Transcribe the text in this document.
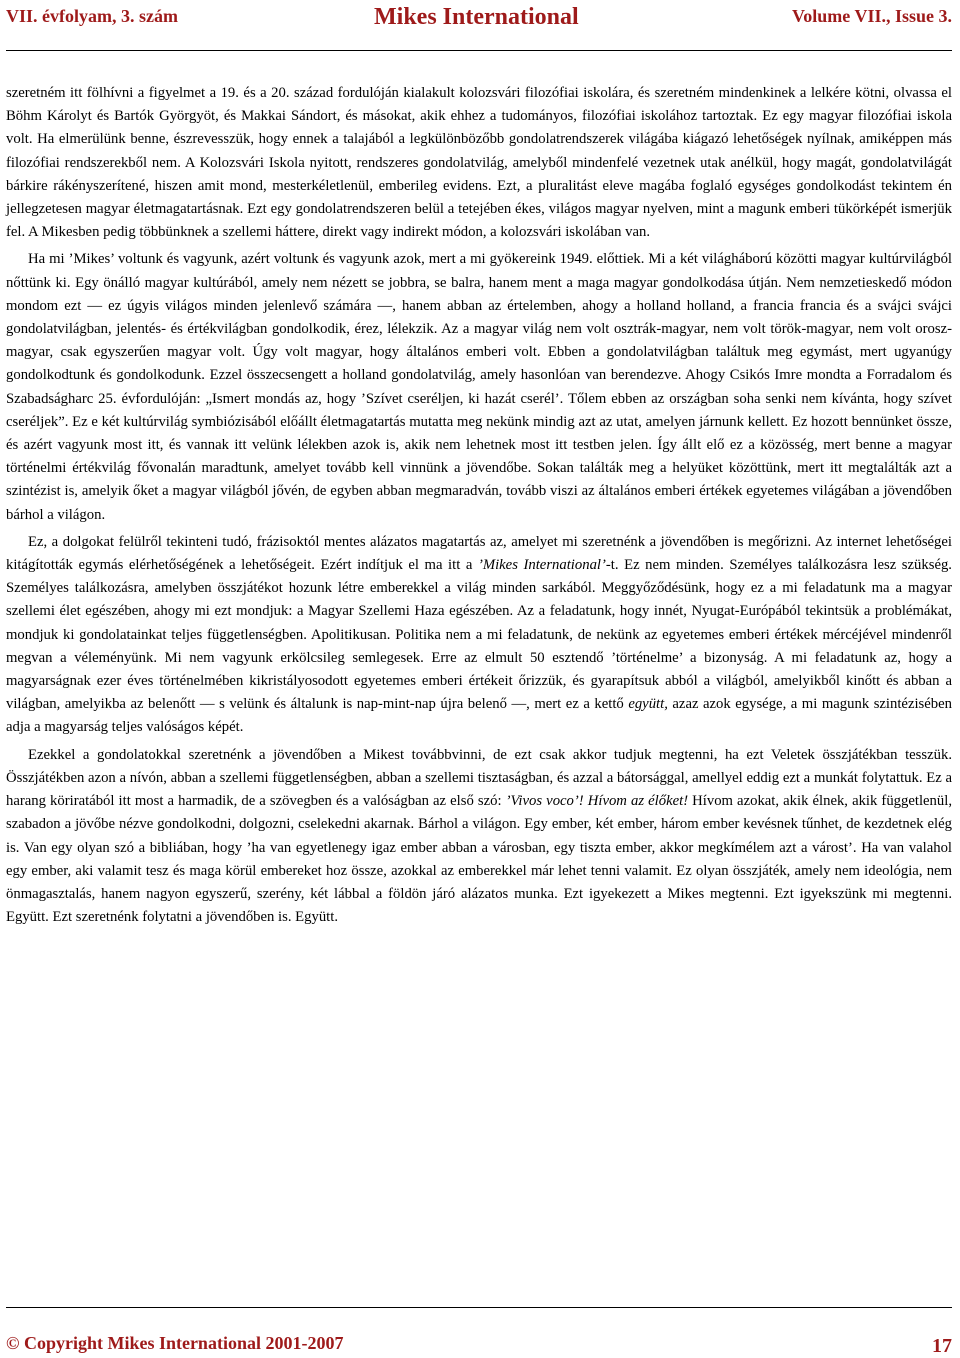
VII. évfolyam, 3. szám	Mikes International	Volume VII., Issue 3.

szeretném itt fölhívni a figyelmet a 19. és a 20. század fordulóján kialakult kolozsvári filozófiai iskolára, és szeretném mindenkinek a lelkére kötni, olvassa el Böhm Károlyt és Bartók Györgyöt, és Makkai Sándort, és másokat, akik ehhez a tudományos, filozófiai iskolához tartoztak. Ez egy magyar filozófiai iskola volt. Ha elmerülünk benne, észrevesszük, hogy ennek a talajából a legkülönbözőbb gondolatrendszerek világába kiágazó lehetőségek nyílnak, amiképpen más filozófiai rendszerekből nem. A Kolozsvári Iskola nyitott, rendszeres gondolatvilág, amelyből mindenfelé vezetnek utak anélkül, hogy magát, gondolatvilágát bárkire rákényszerítené, hiszen amit mond, mesterkéletlenül, emberileg evidens. Ezt, a pluralitást eleve magába foglaló egységes gondolkodást tekintem én jellegzetesen magyar életmagatartásnak. Ezt egy gondolatrendszeren belül a tetejében ékes, világos magyar nyelven, mint a magunk emberi tükörképét ismerjük fel. A Mikesben pedig többünknek a szellemi háttere, direkt vagy indirekt módon, a kolozsvári iskolában van.

Ha mi ’Mikes’ voltunk és vagyunk, azért voltunk és vagyunk azok, mert a mi gyökereink 1949. előttiek. Mi a két világháború közötti magyar kultúrvilágból nőttünk ki. Egy önálló magyar kultúrából, amely nem nézett se jobbra, se balra, hanem ment a maga magyar gondolkodása útján. Nem nemzetieskedő módon mondom ezt — ez úgyis világos minden jelenlevő számára —, hanem abban az értelemben, ahogy a holland holland, a francia francia és a svájci svájci gondolatvilágban, jelentés- és értékvilágban gondolkodik, érez, lélekzik. Az a magyar világ nem volt osztrák-magyar, nem volt török-magyar, nem volt orosz-magyar, csak egyszerűen magyar volt. Úgy volt magyar, hogy általános emberi volt. Ebben a gondolatvilágban találtuk meg egymást, mert ugyanúgy gondolkodtunk és gondolkodunk. Ezzel összecsengett a holland gondolatvilág, amely hasonlóan van berendezve. Ahogy Csikós Imre mondta a Forradalom és Szabadságharc 25. évfordulóján: „Ismert mondás az, hogy ’Szívet cseréljen, ki hazát cserél’. Tőlem ebben az országban soha senki nem kívánta, hogy szívet cseréljek”. Ez e két kultúrvilág symbiózisából előállt életmagatartás mutatta meg nekünk mindig azt az utat, amelyen járnunk kellett. Ez hozott bennünket össze, és azért vagyunk most itt, és vannak itt velünk lélekben azok is, akik nem lehetnek most itt testben jelen. Így állt elő ez a közösség, mert benne a magyar történelmi értékvilág fővonalán maradtunk, amelyet tovább kell vinnünk a jövendőbe. Sokan találták meg a helyüket közöttünk, mert itt megtalálták azt a szintézist is, amelyik őket a magyar világból jővén, de egyben abban megmaradván, tovább viszi az általános emberi értékek egyetemes világában a jövendőben bárhol a világon.

Ez, a dolgokat felülről tekinteni tudó, frázisoktól mentes alázatos magatartás az, amelyet mi szeretnénk a jövendőben is megőrizni. Az internet lehetőségei kitágították egymás elérhetőségének a lehetőségeit. Ezért indítjuk el ma itt a ’Mikes International’-t. Ez nem minden. Személyes találkozásra lesz szükség. Személyes találkozásra, amelyben összjátékot hozunk létre emberekkel a világ minden sarkából. Meggyőződésünk, hogy ez a mi feladatunk ma a magyar szellemi élet egészében, ahogy mi ezt mondjuk: a Magyar Szellemi Haza egészében. Az a feladatunk, hogy innét, Nyugat-Európából tekintsük a problémákat, mondjuk ki gondolatainkat teljes függetlenségben. Apolitikusan. Politika nem a mi feladatunk, de nekünk az egyetemes emberi értékek mércéjével mindenről megvan a véleményünk. Mi nem vagyunk erkölcsileg semlegesek. Erre az elmult 50 esztendő ’történelme’ a bizonyság. A mi feladatunk az, hogy a magyarságnak ezer éves történelmében kikristályosodott egyetemes emberi értékeit őrizzük, és gyarapítsuk abból a világból, amelyikből kinőtt és abban a világban, amelyikba az belenőtt — s velünk és általunk is nap-mint-nap újra belenő —, mert ez a kettő együtt, azaz azok egysége, a mi magunk szintézisében adja a magyarság teljes valóságos képét.

Ezekkel a gondolatokkal szeretnénk a jövendőben a Mikest továbbvinni, de ezt csak akkor tudjuk megtenni, ha ezt Veletek összjátékban tesszük. Összjátékben azon a nívón, abban a szellemi függetlenségben, abban a szellemi tisztaságban, és azzal a bátorsággal, amellyel eddig ezt a munkát folytattuk. Ez a harang köriratából itt most a harmadik, de a szövegben és a valóságban az első szó: ’Vivos voco’! Hívom az élőket! Hívom azokat, akik élnek, akik függetlenül, szabadon a jövőbe nézve gondolkodni, dolgozni, cselekedni akarnak. Bárhol a világon. Egy ember, két ember, három ember kevésnek tűnhet, de kezdetnek elég is. Van egy olyan szó a bibliában, hogy ’ha van egyetlenegy igaz ember abban a városban, egy tiszta ember, akkor megkímélem azt a várost’. Ha van valahol egy ember, aki valamit tesz és maga körül embereket hoz össze, azokkal az emberekkel már lehet tenni valamit. Ez olyan összjáték, amely nem ideológia, nem önmagasztalás, hanem nagyon egyszerű, szerény, két lábbal a földön járó alázatos munka. Ezt igyekezett a Mikes megtenni. Ezt igyekszünk mi megtenni. Együtt. Ezt szeretnénk folytatni a jövendőben is. Együtt.

© Copyright Mikes International 2001-2007	17
